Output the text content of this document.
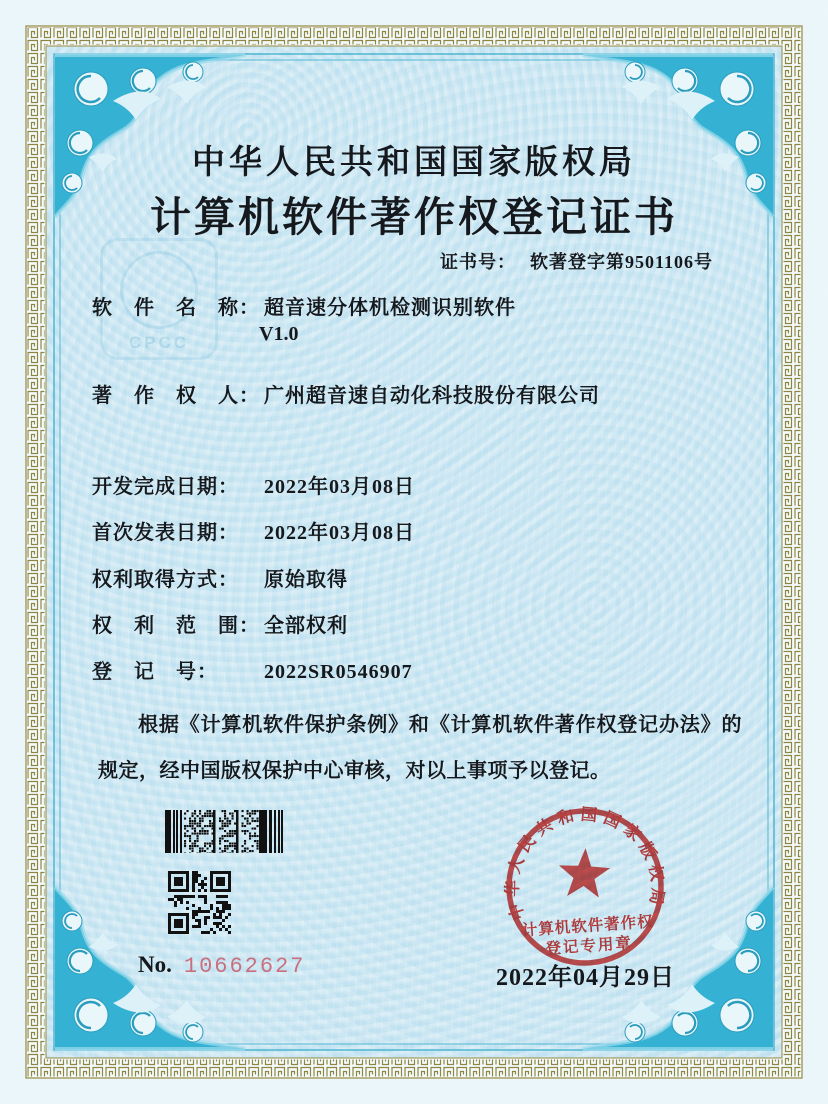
CPCC
中华人民共和国国家版权局
计算机软件著作权登记证书
证书号： 软著登字第9501106号
软　件　名　称： 超音速分体机检测识别软件
V1.0
著　作　权　人： 广州超音速自动化科技股份有限公司
开发完成日期： 2022年03月08日
首次发表日期： 2022年03月08日
权利取得方式： 原始取得
权　利　范　围： 全部权利
登　记　号： 2022SR0546907
根据《计算机软件保护条例》和《计算机软件著作权登记办法》的规定，经中国版权保护中心审核，对以上事项予以登记。
No. 10662627
中华人民共和国国家版权局
计算机软件著作权
登记专用章
2022年04月29日
